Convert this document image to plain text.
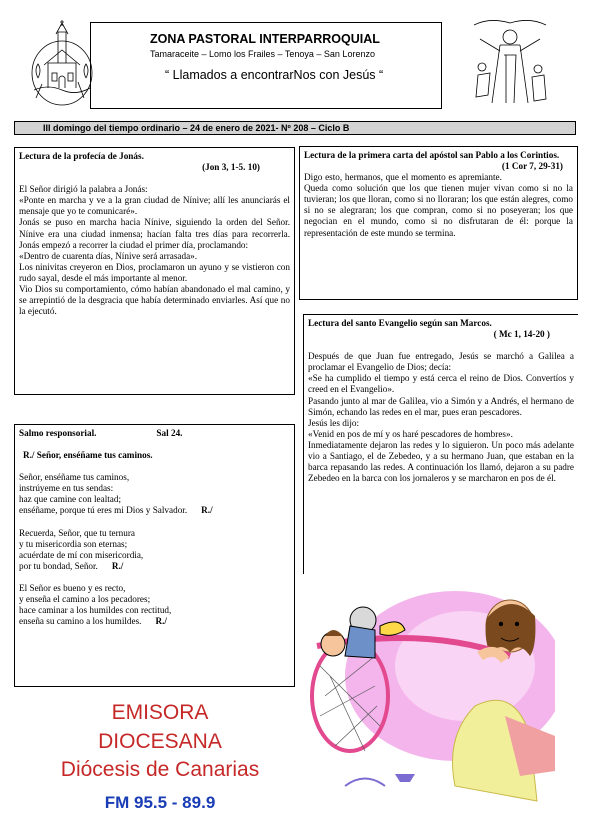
ZONA PASTORAL INTERPARROQUIAL
Tamaraceite – Lomo los Frailes – Tenoya – San Lorenzo
“ Llamados a encontrarNos con Jesús “
III domingo del tiempo ordinario – 24 de enero de 2021- Nº 208 – Ciclo B
Lectura de la profecía de Jonás.
(Jon 3, 1-5. 10)
El Señor dirigió la palabra a Jonás:
«Ponte en marcha y ve a la gran ciudad de Nínive; allí les anunciarás el mensaje que yo te comunicaré».
Jonás se puso en marcha hacia Nínive, siguiendo la orden del Señor. Nínive era una ciudad inmensa; hacían falta tres días para recorrerla. Jonás empezó a recorrer la ciudad el primer día, proclamando:
«Dentro de cuarenta días, Nínive será arrasada».
Los ninivitas creyeron en Dios, proclamaron un ayuno y se vistieron con rudo sayal, desde el más importante al menor.
Vio Dios su comportamiento, cómo habían abandonado el mal camino, y se arrepintió de la desgracia que había determinado enviarles. Así que no la ejecutó.
Lectura de la primera carta del apóstol san Pablo a los Corintios.
(1 Cor 7, 29-31)
Digo esto, hermanos, que el momento es apremiante. Queda como solución que los que tienen mujer vivan como si no la tuvieran; los que lloran, como si no lloraran; los que están alegres, como si no se alegraran; los que compran, como si no poseyeran; los que negocian en el mundo, como si no disfrutaran de él: porque la representación de este mundo se termina.
Salmo responsorial.	Sal 24.
R./ Señor, enséñame tus caminos.
Señor, enséñame tus caminos,
instrúyeme en tus sendas:
haz que camine con lealtad;
enséñame, porque tú eres mi Dios y Salvador. R./
Recuerda, Señor, que tu ternura
y tu misericordia son eternas;
acuérdate de mí con misericordia,
por tu bondad, Señor. R./
El Señor es bueno y es recto,
y enseña el camino a los pecadores;
hace caminar a los humildes con rectitud,
enseña su camino a los humildes. R./
Lectura del santo Evangelio según san Marcos.
( Mc 1, 14-20 )
Después de que Juan fue entregado, Jesús se marchó a Galilea a proclamar el Evangelio de Dios; decía:
«Se ha cumplido el tiempo y está cerca el reino de Dios. Convertíos y creed en el Evangelio».
Pasando junto al mar de Galilea, vio a Simón y a Andrés, el hermano de Simón, echando las redes en el mar, pues eran pescadores.
Jesús les dijo:
«Venid en pos de mí y os haré pescadores de hombres».
Inmediatamente dejaron las redes y lo siguieron. Un poco más adelante vio a Santiago, el de Zebedeo, y a su hermano Juan, que estaban en la barca repasando las redes. A continuación los llamó, dejaron a su padre Zebedeo en la barca con los jornaleros y se marcharon en pos de él.
EMISORA
DIOCESANA
Diócesis de Canarias
FM 95.5 - 89.9
